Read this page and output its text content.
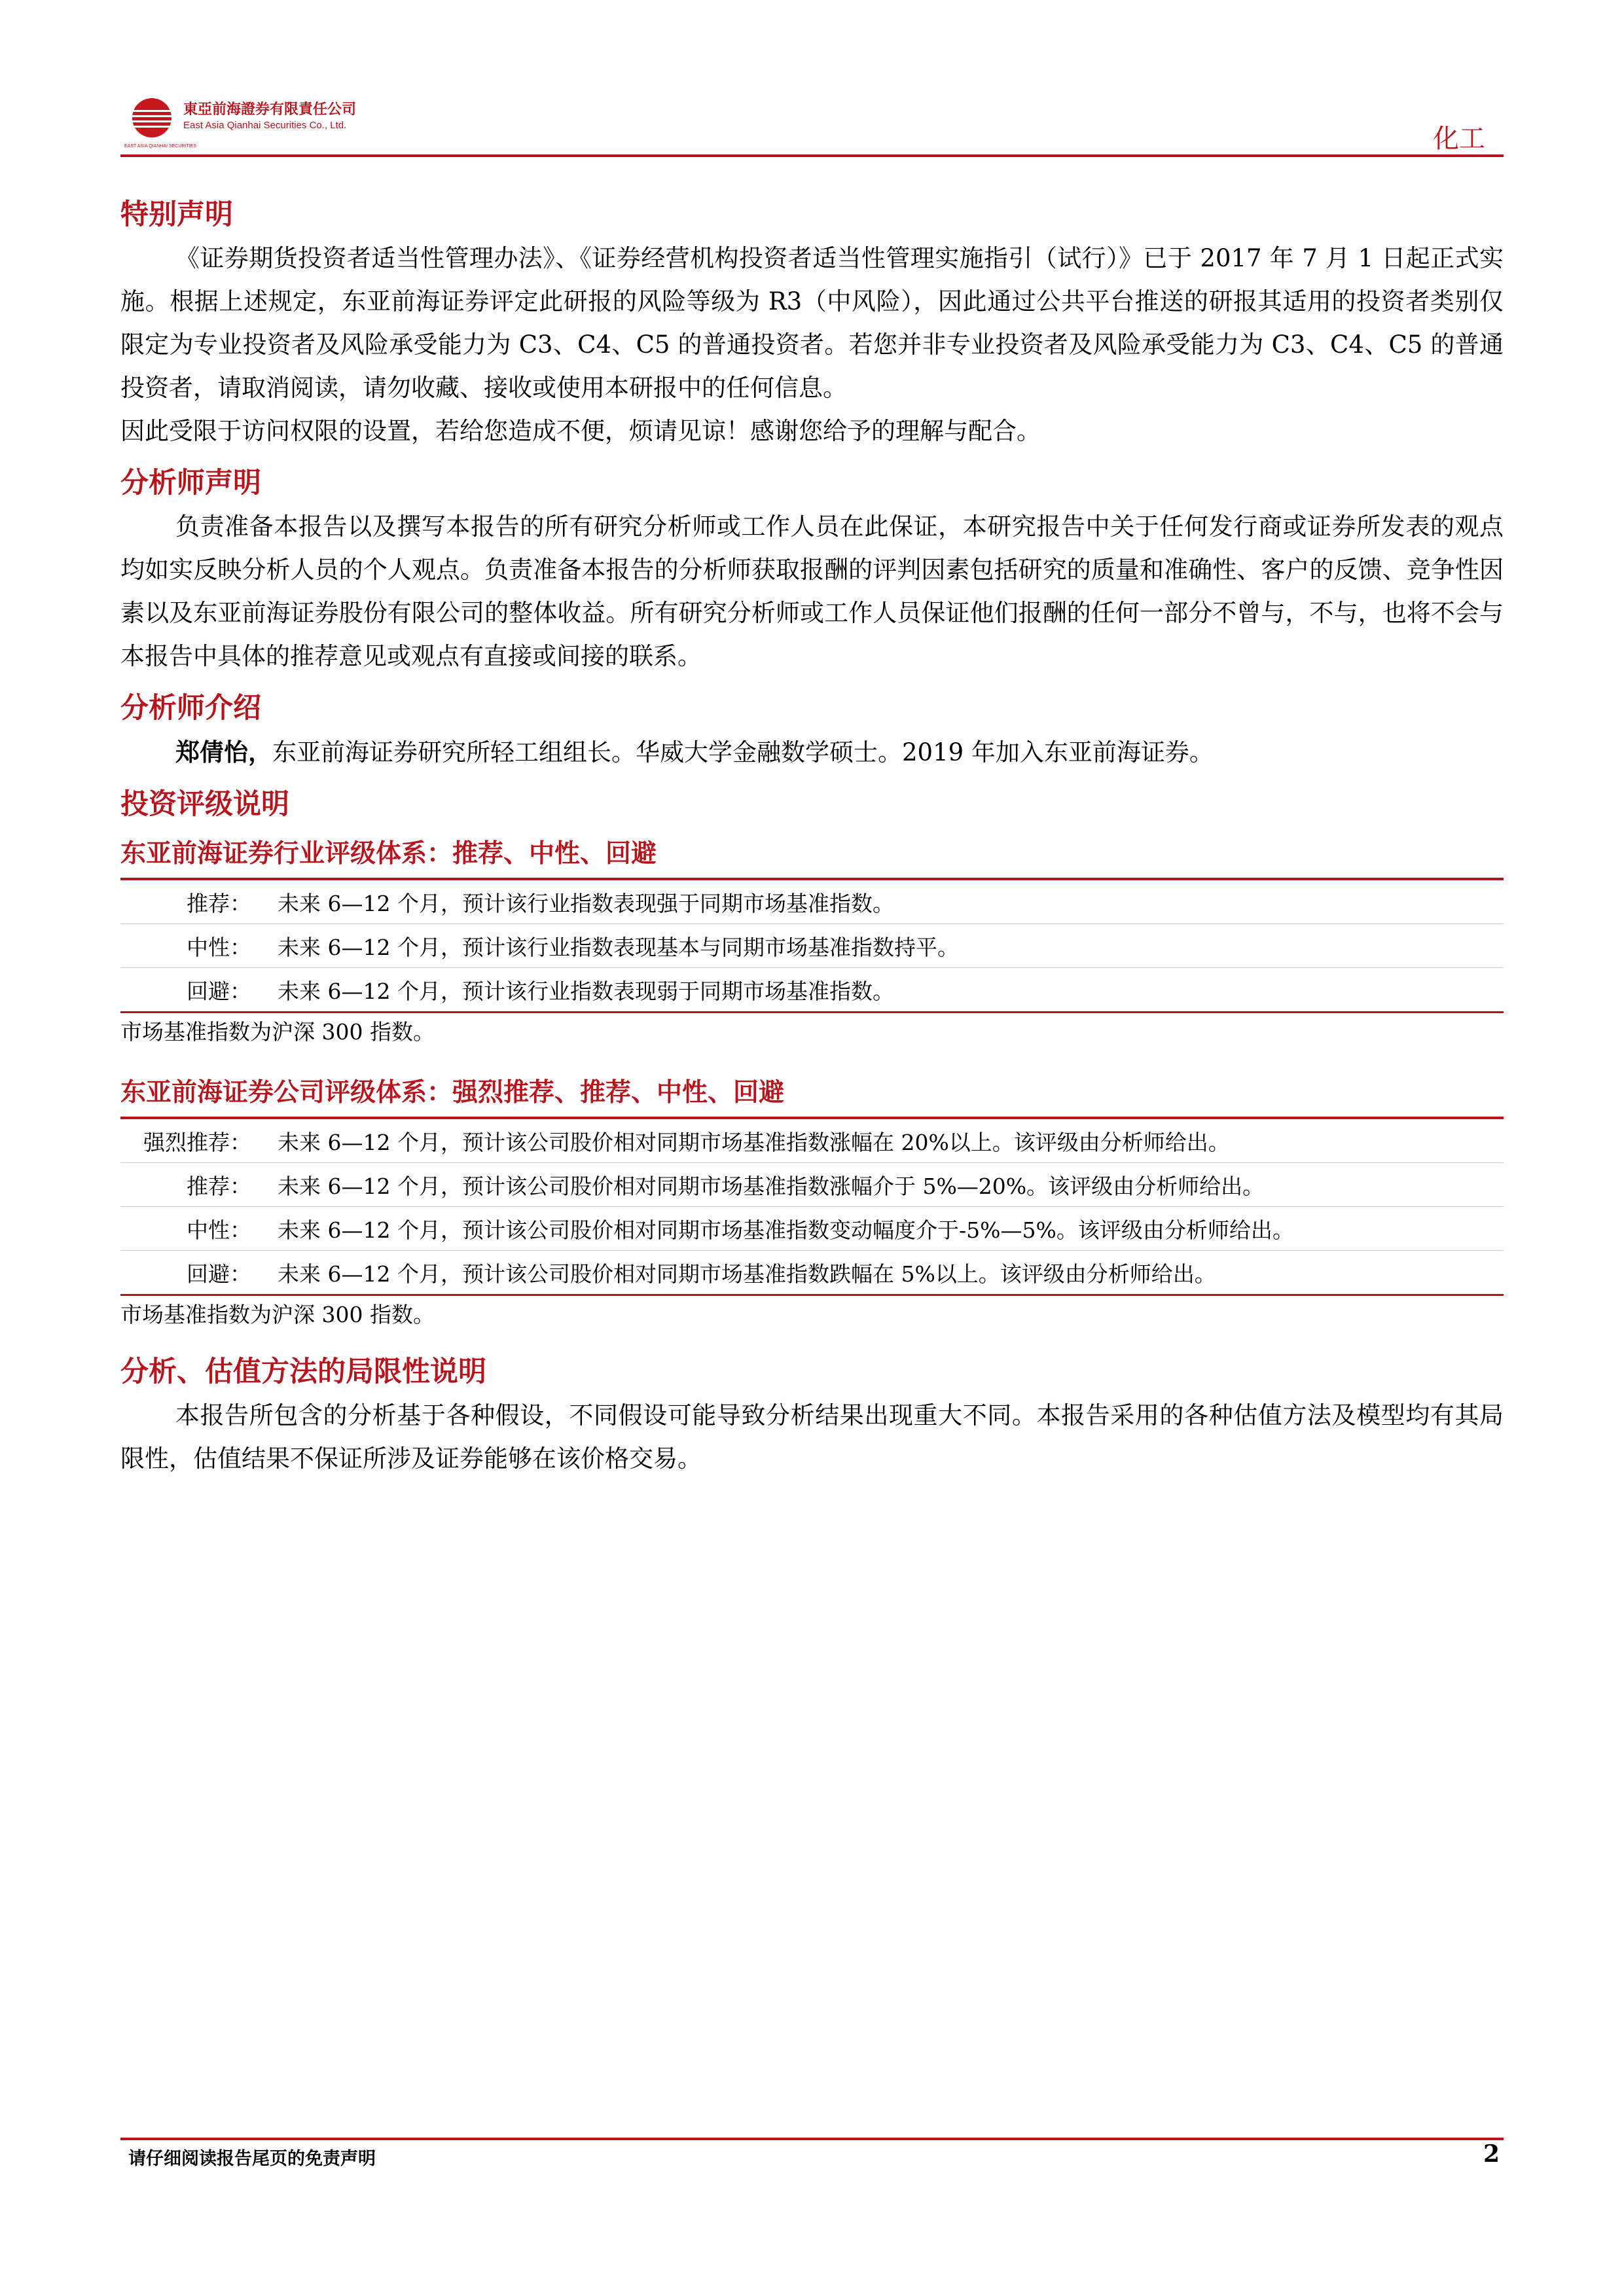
EAST ASIA QIANHAI SECURITIES
東亞前海證券有限責任公司
East Asia Qianhai Securities Co., Ltd.	化工
特别声明

《证券期货投资者适当性管理办法》、《证券经营机构投资者适当性管理实施指引（试行）》已于 2017 年 7 月 1 日起正式实施。根据上述规定，东亚前海证券评定此研报的风险等级为 R3（中风险），因此通过公共平台推送的研报其适用的投资者类别仅限定为专业投资者及风险承受能力为 C3、C4、C5 的普通投资者。若您并非专业投资者及风险承受能力为 C3、C4、C5 的普通投资者，请取消阅读，请勿收藏、接收或使用本研报中的任何信息。

因此受限于访问权限的设置，若给您造成不便，烦请见谅！感谢您给予的理解与配合。

分析师声明

负责准备本报告以及撰写本报告的所有研究分析师或工作人员在此保证，本研究报告中关于任何发行商或证券所发表的观点均如实反映分析人员的个人观点。负责准备本报告的分析师获取报酬的评判因素包括研究的质量和准确性、客户的反馈、竞争性因素以及东亚前海证券股份有限公司的整体收益。所有研究分析师或工作人员保证他们报酬的任何一部分不曾与，不与，也将不会与本报告中具体的推荐意见或观点有直接或间接的联系。

分析师介绍

郑倩怡，东亚前海证券研究所轻工组组长。华威大学金融数学硕士。2019 年加入东亚前海证券。

投资评级说明
东亚前海证券行业评级体系：推荐、中性、回避
推荐：	未来 6—12 个月，预计该行业指数表现强于同期市场基准指数。
中性：	未来 6—12 个月，预计该行业指数表现基本与同期市场基准指数持平。
回避：	未来 6—12 个月，预计该行业指数表现弱于同期市场基准指数。

市场基准指数为沪深 300 指数。

东亚前海证券公司评级体系：强烈推荐、推荐、中性、回避
强烈推荐：	未来 6—12 个月，预计该公司股价相对同期市场基准指数涨幅在 20%以上。该评级由分析师给出。
推荐：	未来 6—12 个月，预计该公司股价相对同期市场基准指数涨幅介于 5%—20%。该评级由分析师给出。
中性：	未来 6—12 个月，预计该公司股价相对同期市场基准指数变动幅度介于-5%—5%。该评级由分析师给出。
回避：	未来 6—12 个月，预计该公司股价相对同期市场基准指数跌幅在 5%以上。该评级由分析师给出。

市场基准指数为沪深 300 指数。

分析、估值方法的局限性说明

本报告所包含的分析基于各种假设，不同假设可能导致分析结果出现重大不同。本报告采用的各种估值方法及模型均有其局限性，估值结果不保证所涉及证券能够在该价格交易。

请仔细阅读报告尾页的免责声明	2
